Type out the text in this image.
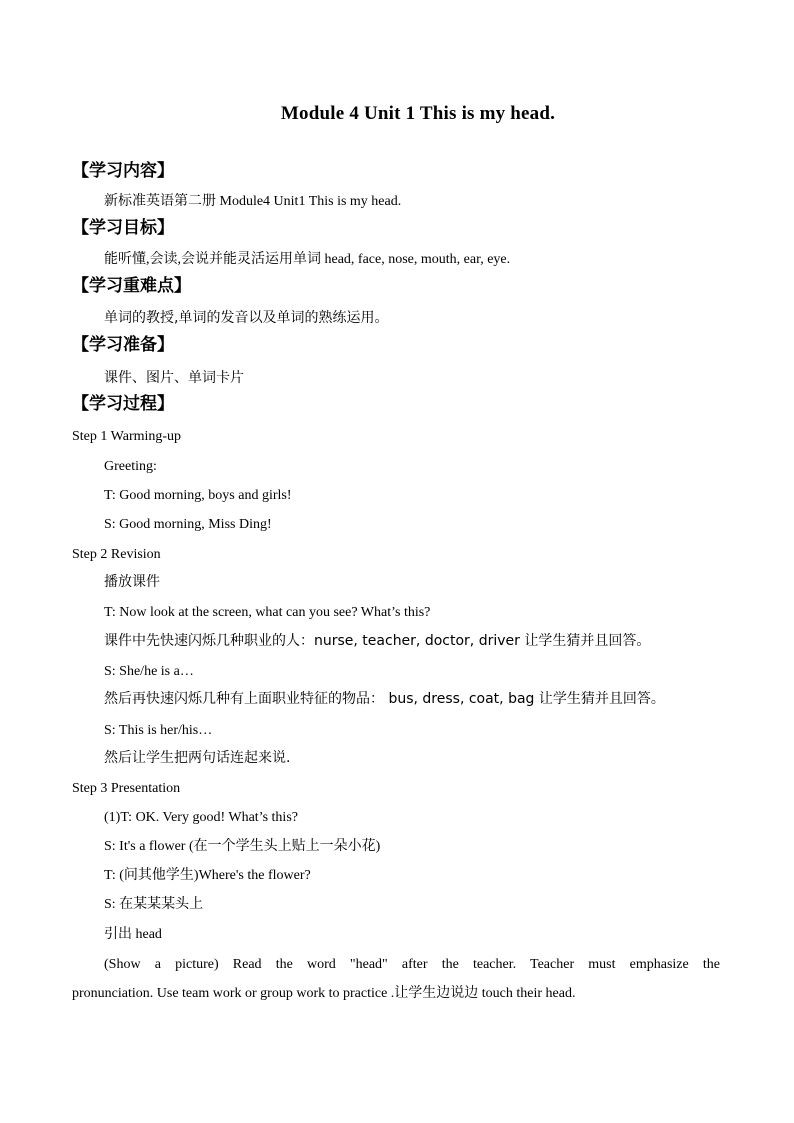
Module 4 Unit 1 This is my head.
【学习内容】
新标准英语第二册 Module4 Unit1 This is my head.
【学习目标】
能听懂,会读,会说并能灵活运用单词 head, face, nose, mouth, ear, eye.
【学习重难点】
单词的教授,单词的发音以及单词的熟练运用。
【学习准备】
课件、图片、单词卡片
【学习过程】
Step 1 Warming-up
Greeting:
T: Good morning, boys and girls!
S: Good morning, Miss Ding!
Step 2 Revision
播放课件
T: Now look at the screen, what can you see? What’s this?
课件中先快速闪烁几种职业的人：nurse, teacher, doctor, driver 让学生猜并且回答。
S: She/he is a…
然后再快速闪烁几种有上面职业特征的物品： bus, dress, coat, bag 让学生猜并且回答。
S: This is her/his…
然后让学生把两句话连起来说.
Step 3 Presentation
(1)T: OK. Very good! What’s this?
S: It's a flower (在一个学生头上贴上一朵小花)
T: (问其他学生)Where's the flower?
S: 在某某某头上
引出 head
(Show a picture) Read the word "head" after the teacher. Teacher must emphasize the
pronunciation. Use team work or group work to practice .让学生边说边 touch their head.
